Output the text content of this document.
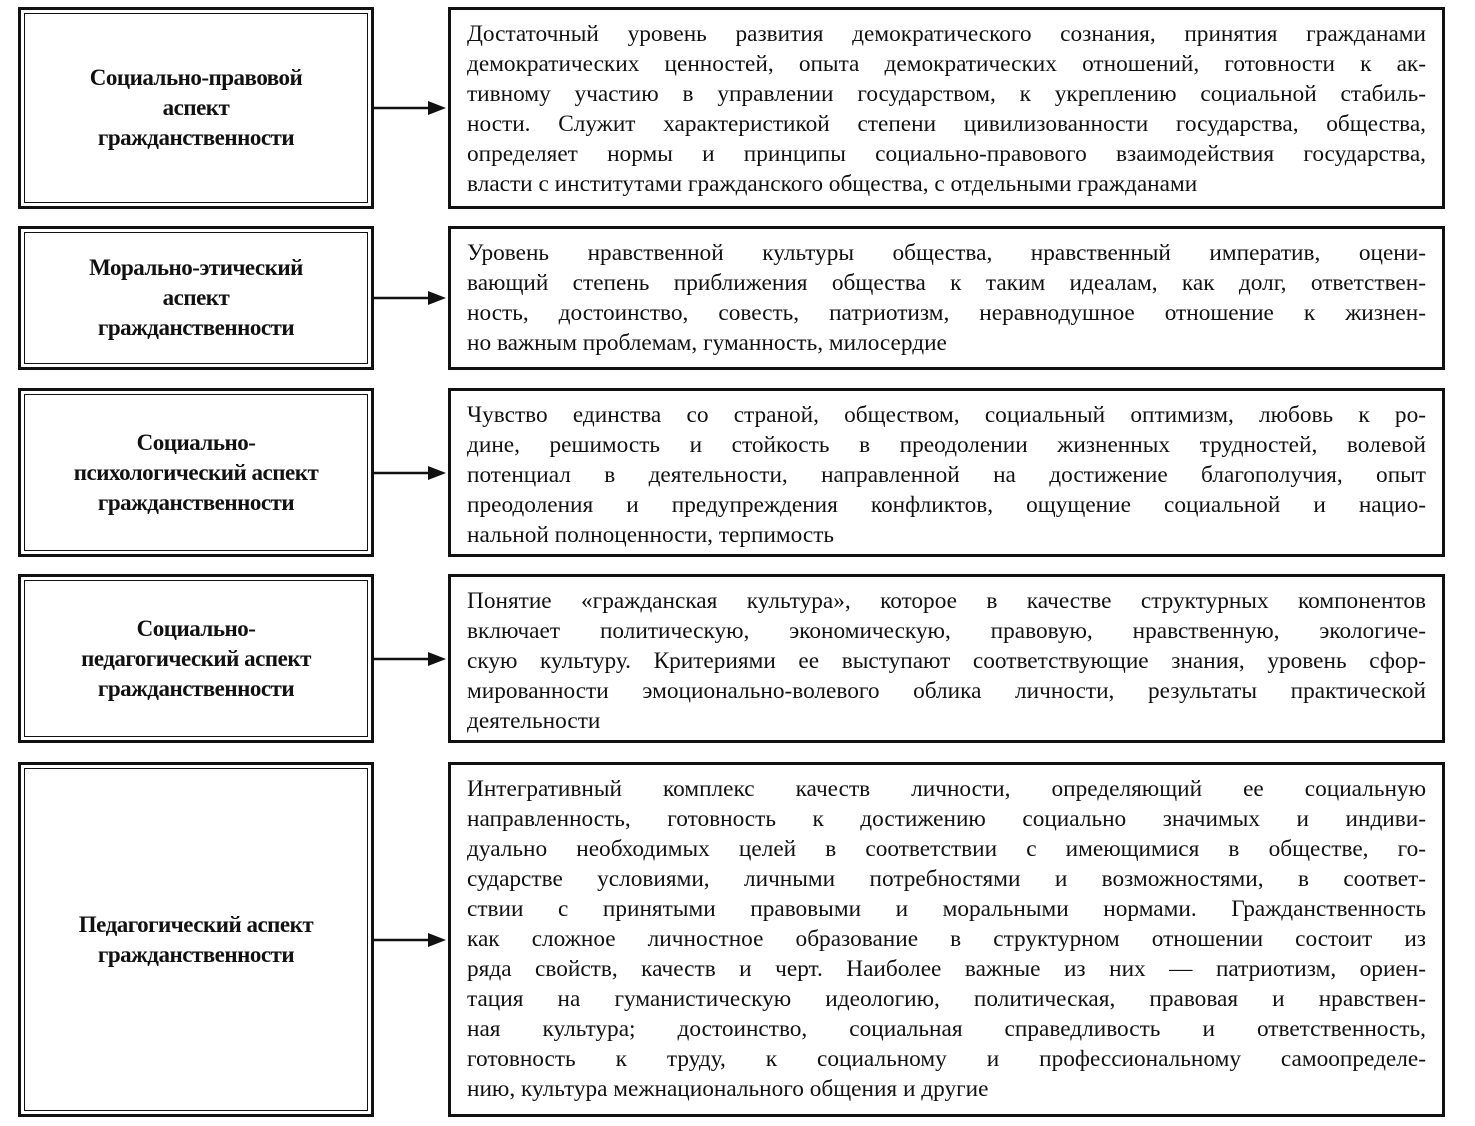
Социально-правовой
аспект
гражданственности
Достаточный уровень развития демократического сознания, принятия гражданами
демократических ценностей, опыта демократических отношений, готовности к ак-
тивному участию в управлении государством, к укреплению социальной стабиль-
ности. Служит характеристикой степени цивилизованности государства, общества,
определяет нормы и принципы социально-правового взаимодействия государства,
власти с институтами гражданского общества, с отдельными гражданами
Морально-этический
аспект
гражданственности
Уровень нравственной культуры общества, нравственный императив, оцени-
вающий степень приближения общества к таким идеалам, как долг, ответствен-
ность, достоинство, совесть, патриотизм, неравнодушное отношение к жизнен-
но важным проблемам, гуманность, милосердие
Социально-
психологический аспект
гражданственности
Чувство единства со страной, обществом, социальный оптимизм, любовь к ро-
дине, решимость и стойкость в преодолении жизненных трудностей, волевой
потенциал в деятельности, направленной на достижение благополучия, опыт
преодоления и предупреждения конфликтов, ощущение социальной и нацио-
нальной полноценности, терпимость
Социально-
педагогический аспект
гражданственности
Понятие «гражданская культура», которое в качестве структурных компонентов
включает политическую, экономическую, правовую, нравственную, экологиче-
скую культуру. Критериями ее выступают соответствующие знания, уровень сфор-
мированности эмоционально-волевого облика личности, результаты практической
деятельности
Педагогический аспект
гражданственности
Интегративный комплекс качеств личности, определяющий ее социальную
направленность, готовность к достижению социально значимых и индиви-
дуально необходимых целей в соответствии с имеющимися в обществе, го-
сударстве условиями, личными потребностями и возможностями, в соответ-
ствии с принятыми правовыми и моральными нормами. Гражданственность
как сложное личностное образование в структурном отношении состоит из
ряда свойств, качеств и черт. Наиболее важные из них — патриотизм, ориен-
тация на гуманистическую идеологию, политическая, правовая и нравствен-
ная культура; достоинство, социальная справедливость и ответственность,
готовность к труду, к социальному и профессиональному самоопределе-
нию, культура межнационального общения и другие
